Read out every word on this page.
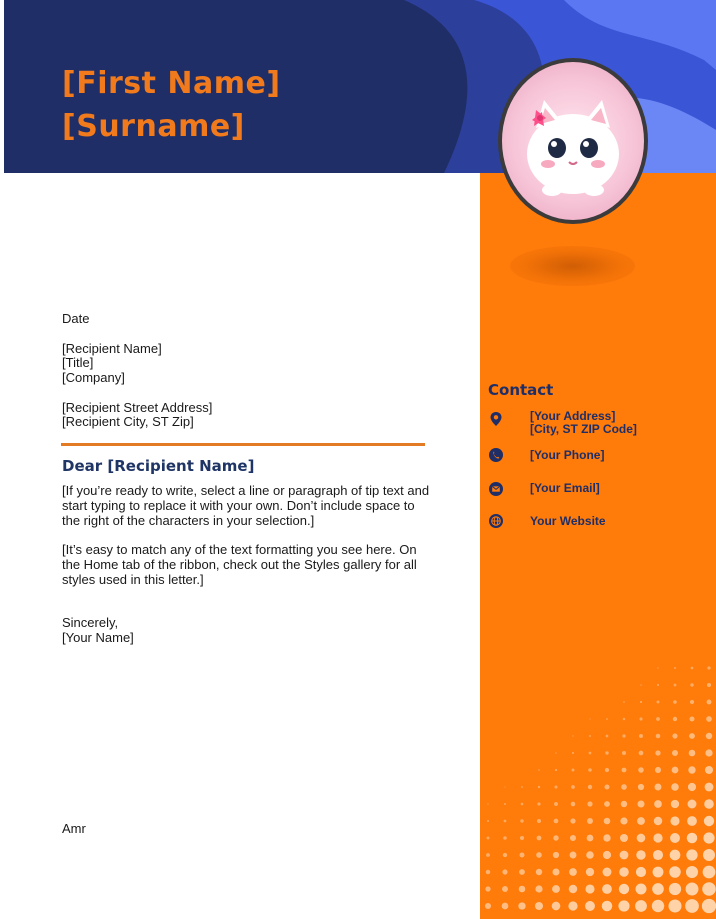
[First Name]

[Surname]

Date

[Recipient Name]

[Title]

[Company]

[Recipient Street Address]

[Recipient City, ST Zip]

Dear [Recipient Name]

[If you’re ready to write, select a line or paragraph of tip text and start typing to replace it with your own. Don’t include space to the right of the characters in your selection.]

[It’s easy to match any of the text formatting you see here. On the Home tab of the ribbon, check out the Styles gallery for all styles used in this letter.]

Sincerely,

[Your Name]

Amr

Contact

[Your Address]

[City, ST ZIP Code]

[Your Phone]

[Your Email]

Your Website
